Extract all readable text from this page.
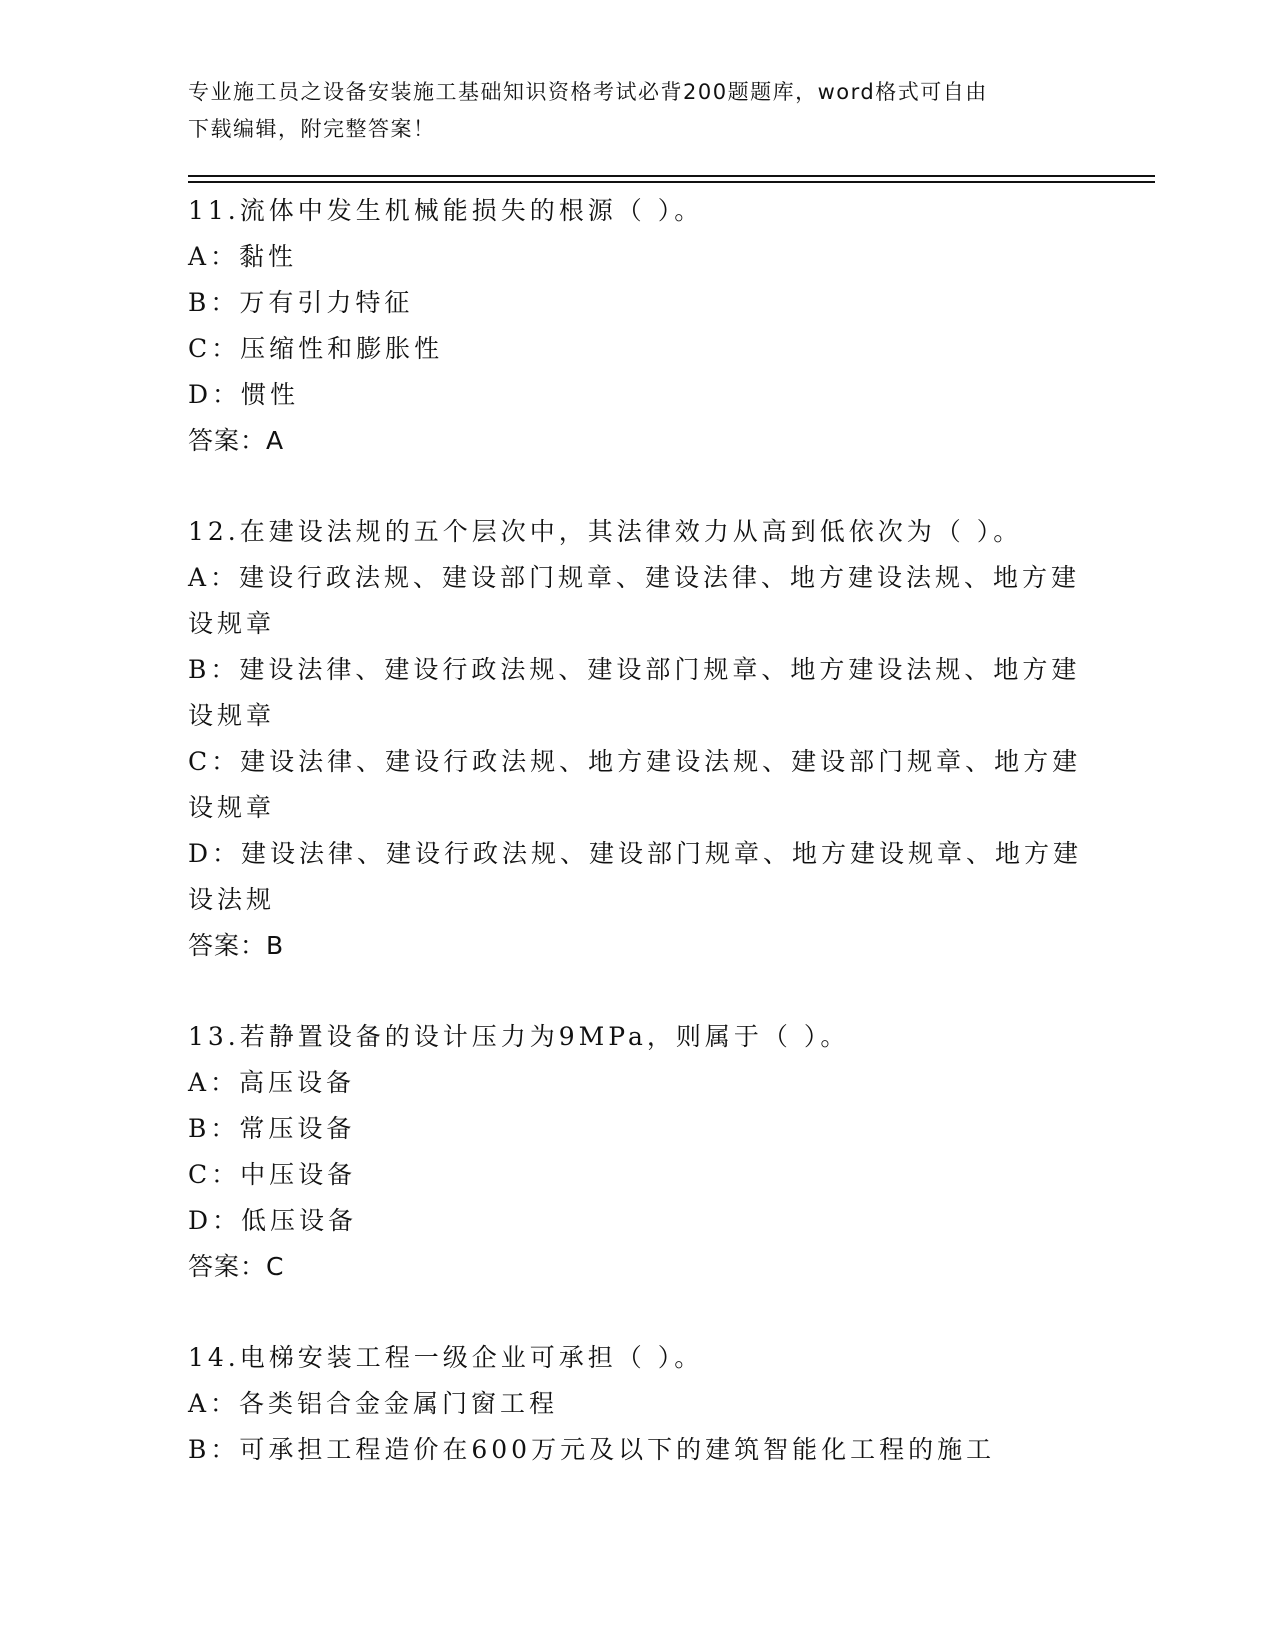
专业施工员之设备安装施工基础知识资格考试必背200题题库，word格式可自由
下载编辑，附完整答案！
11.流体中发生机械能损失的根源（ ）。
A：黏性
B：万有引力特征
C：压缩性和膨胀性
D：惯性
答案：A
12.在建设法规的五个层次中，其法律效力从高到低依次为（ ）。
A：建设行政法规、建设部门规章、建设法律、地方建设法规、地方建
设规章
B：建设法律、建设行政法规、建设部门规章、地方建设法规、地方建
设规章
C：建设法律、建设行政法规、地方建设法规、建设部门规章、地方建
设规章
D：建设法律、建设行政法规、建设部门规章、地方建设规章、地方建
设法规
答案：B
13.若静置设备的设计压力为9MPa，则属于（ ）。
A：高压设备
B：常压设备
C：中压设备
D：低压设备
答案：C
14.电梯安装工程一级企业可承担（ ）。
A：各类铝合金金属门窗工程
B：可承担工程造价在600万元及以下的建筑智能化工程的施工
